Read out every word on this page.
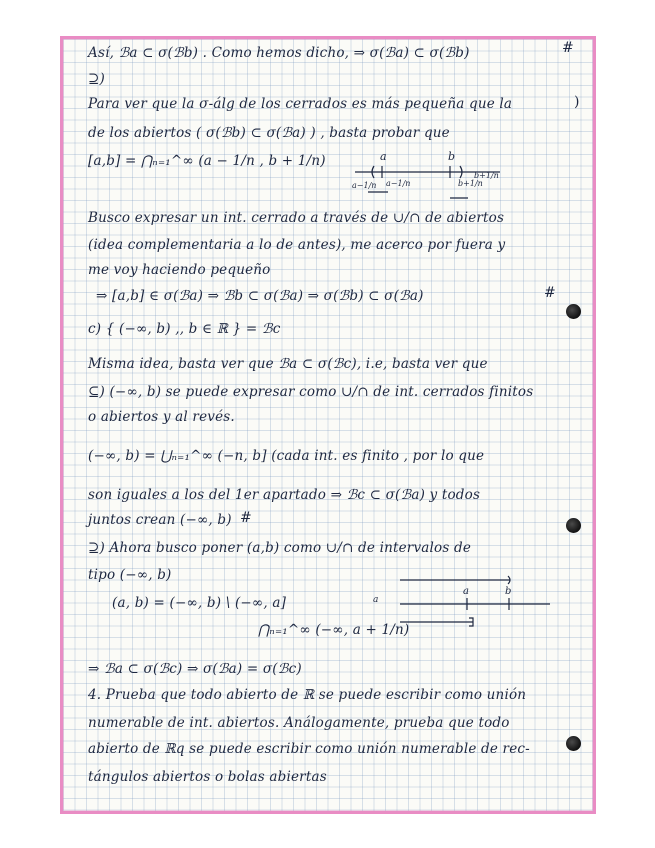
Así, ℬa ⊂ σ(ℬb) . Como hemos dicho, ⇒ σ(ℬa) ⊂ σ(ℬb)
⊇)
Para ver que la σ-álg de los cerrados es más pequeña que la
de los abiertos ( σ(ℬb) ⊂ σ(ℬa) ) , basta probar que
[a,b] = ⋂ₙ₌₁^∞ (a − 1/n , b + 1/n)
Busco expresar un int. cerrado a través de ∪/∩ de abiertos
(idea complementaria a lo de antes), me acerco por fuera y
me voy haciendo pequeño
⇒ [a,b] ∈ σ(ℬa) ⇒ ℬb ⊂ σ(ℬa) ⇒ σ(ℬb) ⊂ σ(ℬa)
c) { (−∞, b) ,, b ∈ ℝ } = ℬc
Misma idea, basta ver que ℬa ⊂ σ(ℬc), i.e, basta ver que
⊆) (−∞, b) se puede expresar como ∪/∩ de int. cerrados finitos
o abiertos y al revés.
(−∞, b) = ⋃ₙ₌₁^∞ (−n, b] (cada int. es finito , por lo que
son iguales a los del 1er apartado ⇒ ℬc ⊂ σ(ℬa) y todos
juntos crean (−∞, b)
⊇) Ahora busco poner (a,b) como ∪/∩ de intervalos de
tipo (−∞, b)
(a, b) = (−∞, b) \ (−∞, a]
⋂ₙ₌₁^∞ (−∞, a + 1/n)
⇒ ℬa ⊂ σ(ℬc) ⇒ σ(ℬa) = σ(ℬc)
4. Prueba que todo abierto de ℝ se puede escribir como unión
numerable de int. abiertos. Análogamente, prueba que todo
abierto de ℝq se puede escribir como unión numerable de rec-
tángulos abiertos o bolas abiertas
#
#
#
)
a	b
a−1/n a−1/n	b+1/n
b+1/n
a	b
a
